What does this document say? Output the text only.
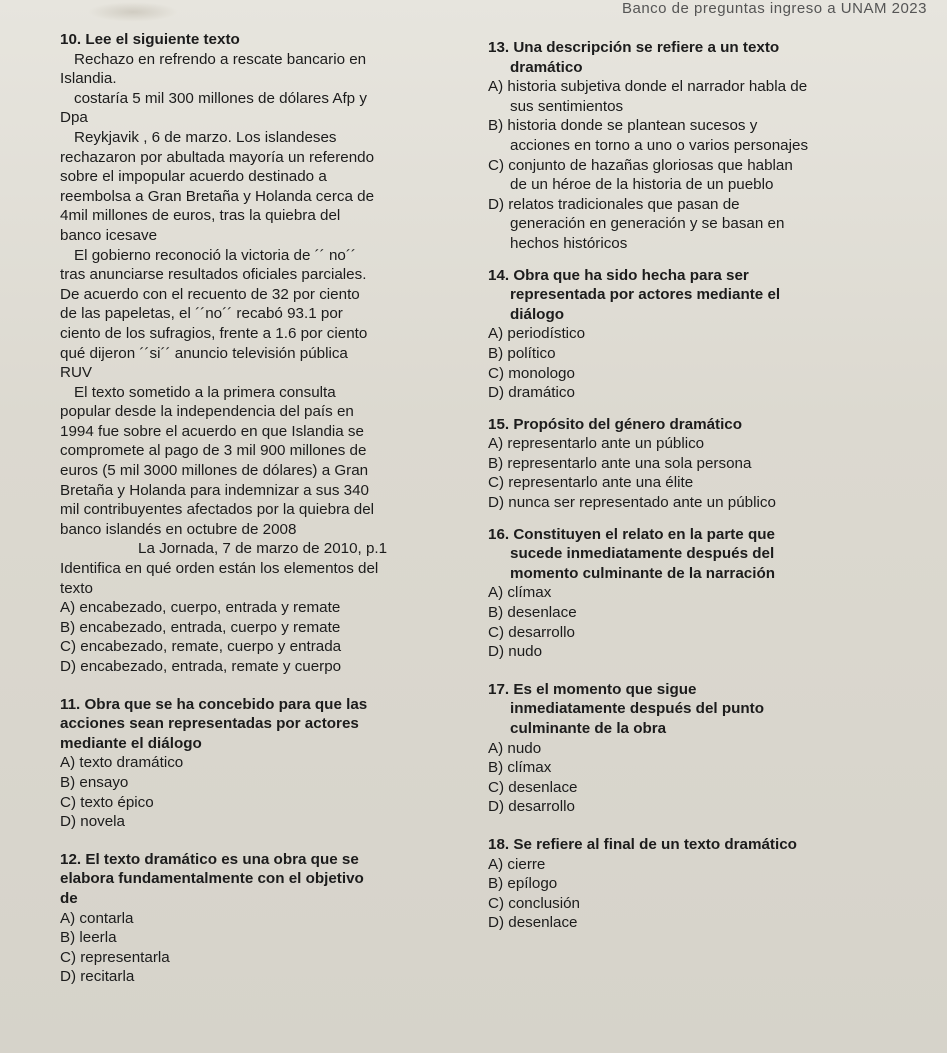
Banco de preguntas ingreso a UNAM 2023

10. Lee el siguiente texto

Rechazo en refrendo a rescate bancario en

Islandia.

costaría 5 mil 300 millones de dólares Afp y

Dpa

Reykjavik , 6 de marzo. Los islandeses

rechazaron por abultada mayoría un referendo

sobre el impopular acuerdo destinado a

reembolsa a Gran Bretaña y Holanda cerca de

4mil millones de euros, tras la quiebra del

banco icesave

El gobierno reconoció la victoria de ´´ no´´

tras anunciarse resultados oficiales parciales.

De acuerdo con el recuento de 32 por ciento

de las papeletas, el ´´no´´ recabó 93.1 por

ciento de los sufragios, frente a 1.6 por ciento

qué dijeron ´´si´´ anuncio televisión pública

RUV

El texto sometido a la primera consulta

popular desde la independencia del país en

1994 fue sobre el acuerdo en que Islandia se

compromete al pago de 3 mil 900 millones de

euros (5 mil 3000 millones de dólares) a Gran

Bretaña y Holanda para indemnizar a sus 340

mil contribuyentes afectados por la quiebra del

banco islandés en octubre de 2008

La Jornada, 7 de marzo de 2010, p.1

Identifica en qué orden están los elementos del

texto

A) encabezado, cuerpo, entrada y remate

B) encabezado, entrada, cuerpo y remate

C) encabezado, remate, cuerpo y entrada

D) encabezado, entrada, remate y cuerpo

11. Obra que se ha concebido para que las

acciones sean representadas por actores

mediante el diálogo

A) texto dramático

B) ensayo

C) texto épico

D) novela

12. El texto dramático es una obra que se

elabora fundamentalmente con el objetivo

de

A) contarla

B) leerla

C) representarla

D) recitarla

13. Una descripción se refiere a un texto

dramático

A) historia subjetiva donde el narrador habla de

sus sentimientos

B) historia donde se plantean sucesos y

acciones en torno a uno o varios personajes

C) conjunto de hazañas gloriosas que hablan

de un héroe de la historia de un pueblo

D) relatos tradicionales que pasan de

generación en generación y se basan en

hechos históricos

14. Obra que ha sido hecha para ser

representada por actores mediante el

diálogo

A) periodístico

B) político

C) monologo

D) dramático

15. Propósito del género dramático

A) representarlo ante un público

B) representarlo ante una sola persona

C) representarlo ante una élite

D) nunca ser representado ante un público

16. Constituyen el relato en la parte que

sucede inmediatamente después del

momento culminante de la narración

A) clímax

B) desenlace

C) desarrollo

D) nudo

17. Es el momento que sigue

inmediatamente después del punto

culminante de la obra

A) nudo

B) clímax

C) desenlace

D) desarrollo

18. Se refiere al final de un texto dramático

A) cierre

B) epílogo

C) conclusión

D) desenlace
